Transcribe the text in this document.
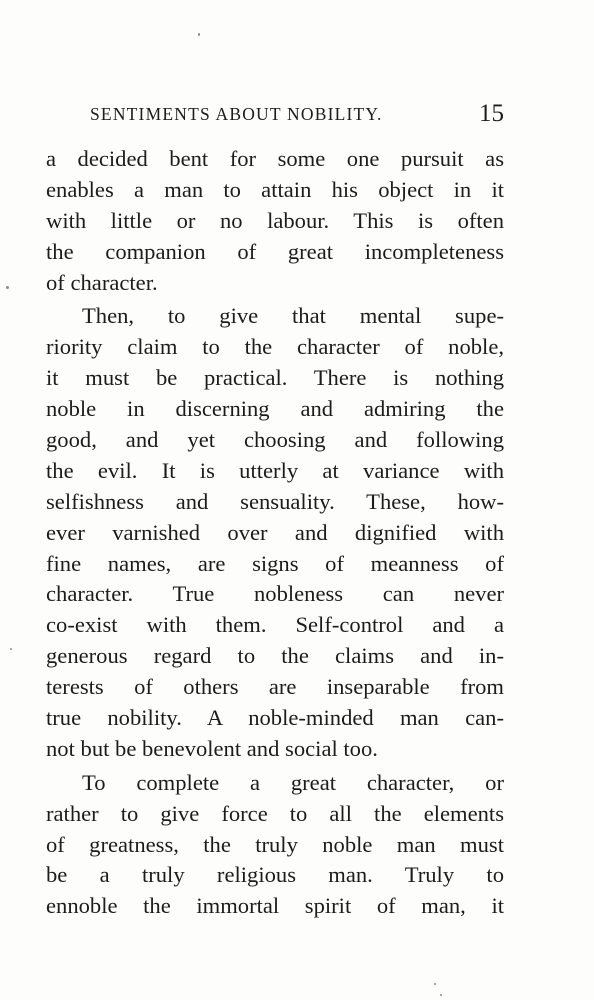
SENTIMENTS ABOUT NOBILITY.	15
a decided bent for some one pursuit as
enables a man to attain his object in it
with little or no labour. This is often
the companion of great incompleteness
of character.
Then, to give that mental supe-
riority claim to the character of noble,
it must be practical. There is nothing
noble in discerning and admiring the
good, and yet choosing and following
the evil. It is utterly at variance with
selfishness and sensuality. These, how-
ever varnished over and dignified with
fine names, are signs of meanness of
character. True nobleness can never
co-exist with them. Self-control and a
generous regard to the claims and in-
terests of others are inseparable from
true nobility. A noble-minded man can-
not but be benevolent and social too.
To complete a great character, or
rather to give force to all the elements
of greatness, the truly noble man must
be a truly religious man. Truly to
ennoble the immortal spirit of man, it
